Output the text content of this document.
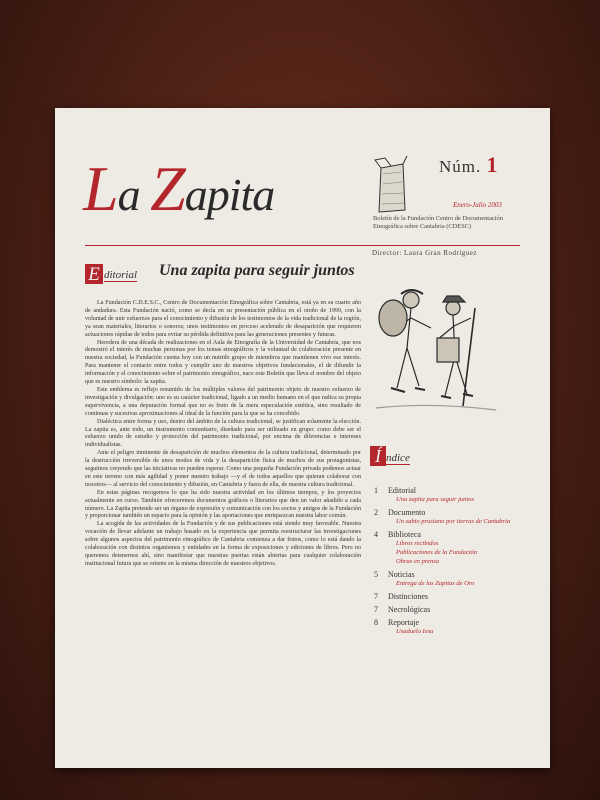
La Zapita
Núm. 1
Enero-Julio 2003
Boletín de la Fundación Centro de Documentación Etnográfica sobre Cantabria (CDESC)
Director: Laura Gran Rodríguez
E ditorial Una zapita para seguir juntos

La Fundación C.D.E.S.C., Centro de Documentación Etnográfica sobre Cantabria, está ya en su cuarto año de andadura. Esta Fundación nació, como se decía en su presentación pública en el otoño de 1999, con la voluntad de unir esfuerzos para el conocimiento y difusión de los testimonios de la vida tradicional de la región, ya sean materiales, literarios o sonoros; unos testimonios en proceso acelerado de desaparición que requieren actuaciones rápidas de todos para evitar su pérdida definitiva para las generaciones presentes y futuras.

Heredera de una década de realizaciones en el Aula de Etnografía de la Universidad de Cantabria, que nos demostró el interés de muchas personas por los temas etnográficos y la voluntad de colaboración presente en nuestra sociedad, la Fundación cuenta hoy con un nutrido grupo de miembros que mantienen vivo ese interés. Para mantener el contacto entre todos y cumplir uno de nuestros objetivos fundacionales, el de difundir la información y el conocimiento sobre el patrimonio etnográfico, nace este Boletín que lleva el nombre del objeto que es nuestro símbolo: la zapita.

Este emblema es reflejo resumido de los múltiples valores del patrimonio objeto de nuestro esfuerzo de investigación y divulgación: uno es su carácter tradicional, ligado a un medio humano en el que radica su propia supervivencia, a una depuración formal que no es fruto de la mera especulación estética, sino resultado de continuas y sucesivas aproximaciones al ideal de la función para la que se ha concebido.

Dialéctica entre forma y uso, dentro del ámbito de la cultura tradicional, se justifican solamente la elección. La zapita es, ante todo, un instrumento comunitario, diseñado para ser utilizado en grupo: como debe ser el esfuerzo unido de estudio y protección del patrimonio tradicional, por encima de diferencias e intereses individualistas.

Ante el peligro inminente de desaparición de muchos elementos de la cultura tradicional, determinado por la destrucción irreversible de unos modos de vida y la desaparición física de muchos de sus protagonistas, seguimos creyendo que las iniciativas no pueden esperar. Como una pequeña Fundación privada podemos actuar en este terreno con más agilidad y poner nuestro trabajo —y el de todos aquellos que quieran colaborar con nosotros— al servicio del conocimiento y difusión, en Cantabria y fuera de ella, de nuestra cultura tradicional.

En estas páginas recogemos lo que ha sido nuestra actividad en los últimos tiempos, y los proyectos actualmente en curso. También ofreceremos documentos gráficos o literarios que den un valor añadido a cada número. La Zapita pretende ser un órgano de expresión y comunicación con los socios y amigos de la Fundación y proporcionar también un espacio para la opinión y las aportaciones que enriquezcan nuestra labor común.

La acogida de las actividades de la Fundación y de sus publicaciones está siendo muy favorable. Nuestra vocación de llevar adelante un trabajo basado en la experiencia que permita reestructurar las investigaciones sobre algunos aspectos del patrimonio etnográfico de Cantabria comienza a dar frutos, como lo está dando la colaboración con distintos organismos y entidades en la forma de exposiciones y ediciones de libros. Pero no queremos detenernos ahí, sino manifestar que nuestras puertas están abiertas para cualquier colaboración institucional futura que se oriente en la misma dirección de nuestros objetivos.

Í ndice
1 Editorial
Una zapita para seguir juntos
2 Documento
Un sabio prusiano por tierras de Cantabria
4 Biblioteca
Libros recibidos
Publicaciones de la Fundación
Obras en prensa
5 Noticias
Entrega de las Zapitas de Oro
7 Distinciones
7 Necrológicas
8 Reportaje
Usaduelo Iesu
